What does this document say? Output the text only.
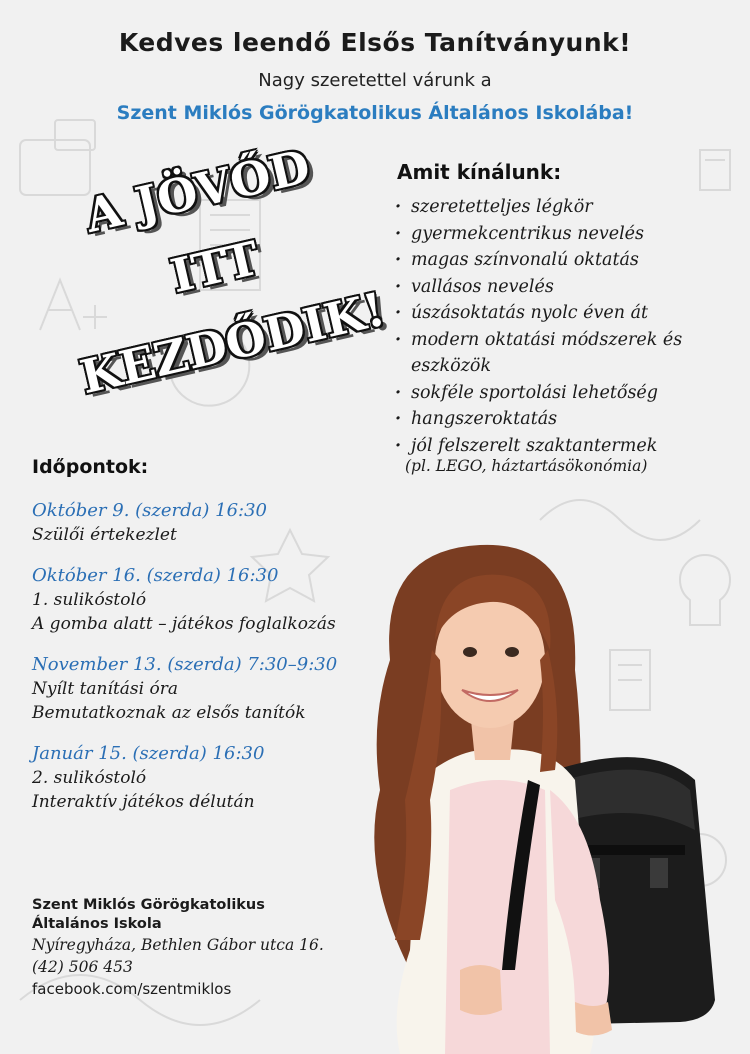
Kedves leendő Elsős Tanítványunk!
Nagy szeretettel várunk a
Szent Miklós Görögkatolikus Általános Iskolába!
A JÖVŐD
ITT
KEZDŐDIK!
Amit kínálunk:
· szeretetteljes légkör
· gyermekcentrikus nevelés
· magas színvonalú oktatás
· vallásos nevelés
· úszásoktatás nyolc éven át
· modern oktatási módszerek és eszközök
· sokféle sportolási lehetőség
· hangszeroktatás
· jól felszerelt szaktantermek
(pl. LEGO, háztartásökonómia)
Időpontok:
Október 9. (szerda) 16:30
Szülői értekezlet
Október 16. (szerda) 16:30
1. sulikóstoló
A gomba alatt – játékos foglalkozás
November 13. (szerda) 7:30–9:30
Nyílt tanítási óra
Bemutatkoznak az elsős tanítók
Január 15. (szerda) 16:30
2. sulikóstoló
Interaktív játékos délután
Szent Miklós Görögkatolikus
Általános Iskola
Nyíregyháza, Bethlen Gábor utca 16.
(42) 506 453
facebook.com/szentmiklos
